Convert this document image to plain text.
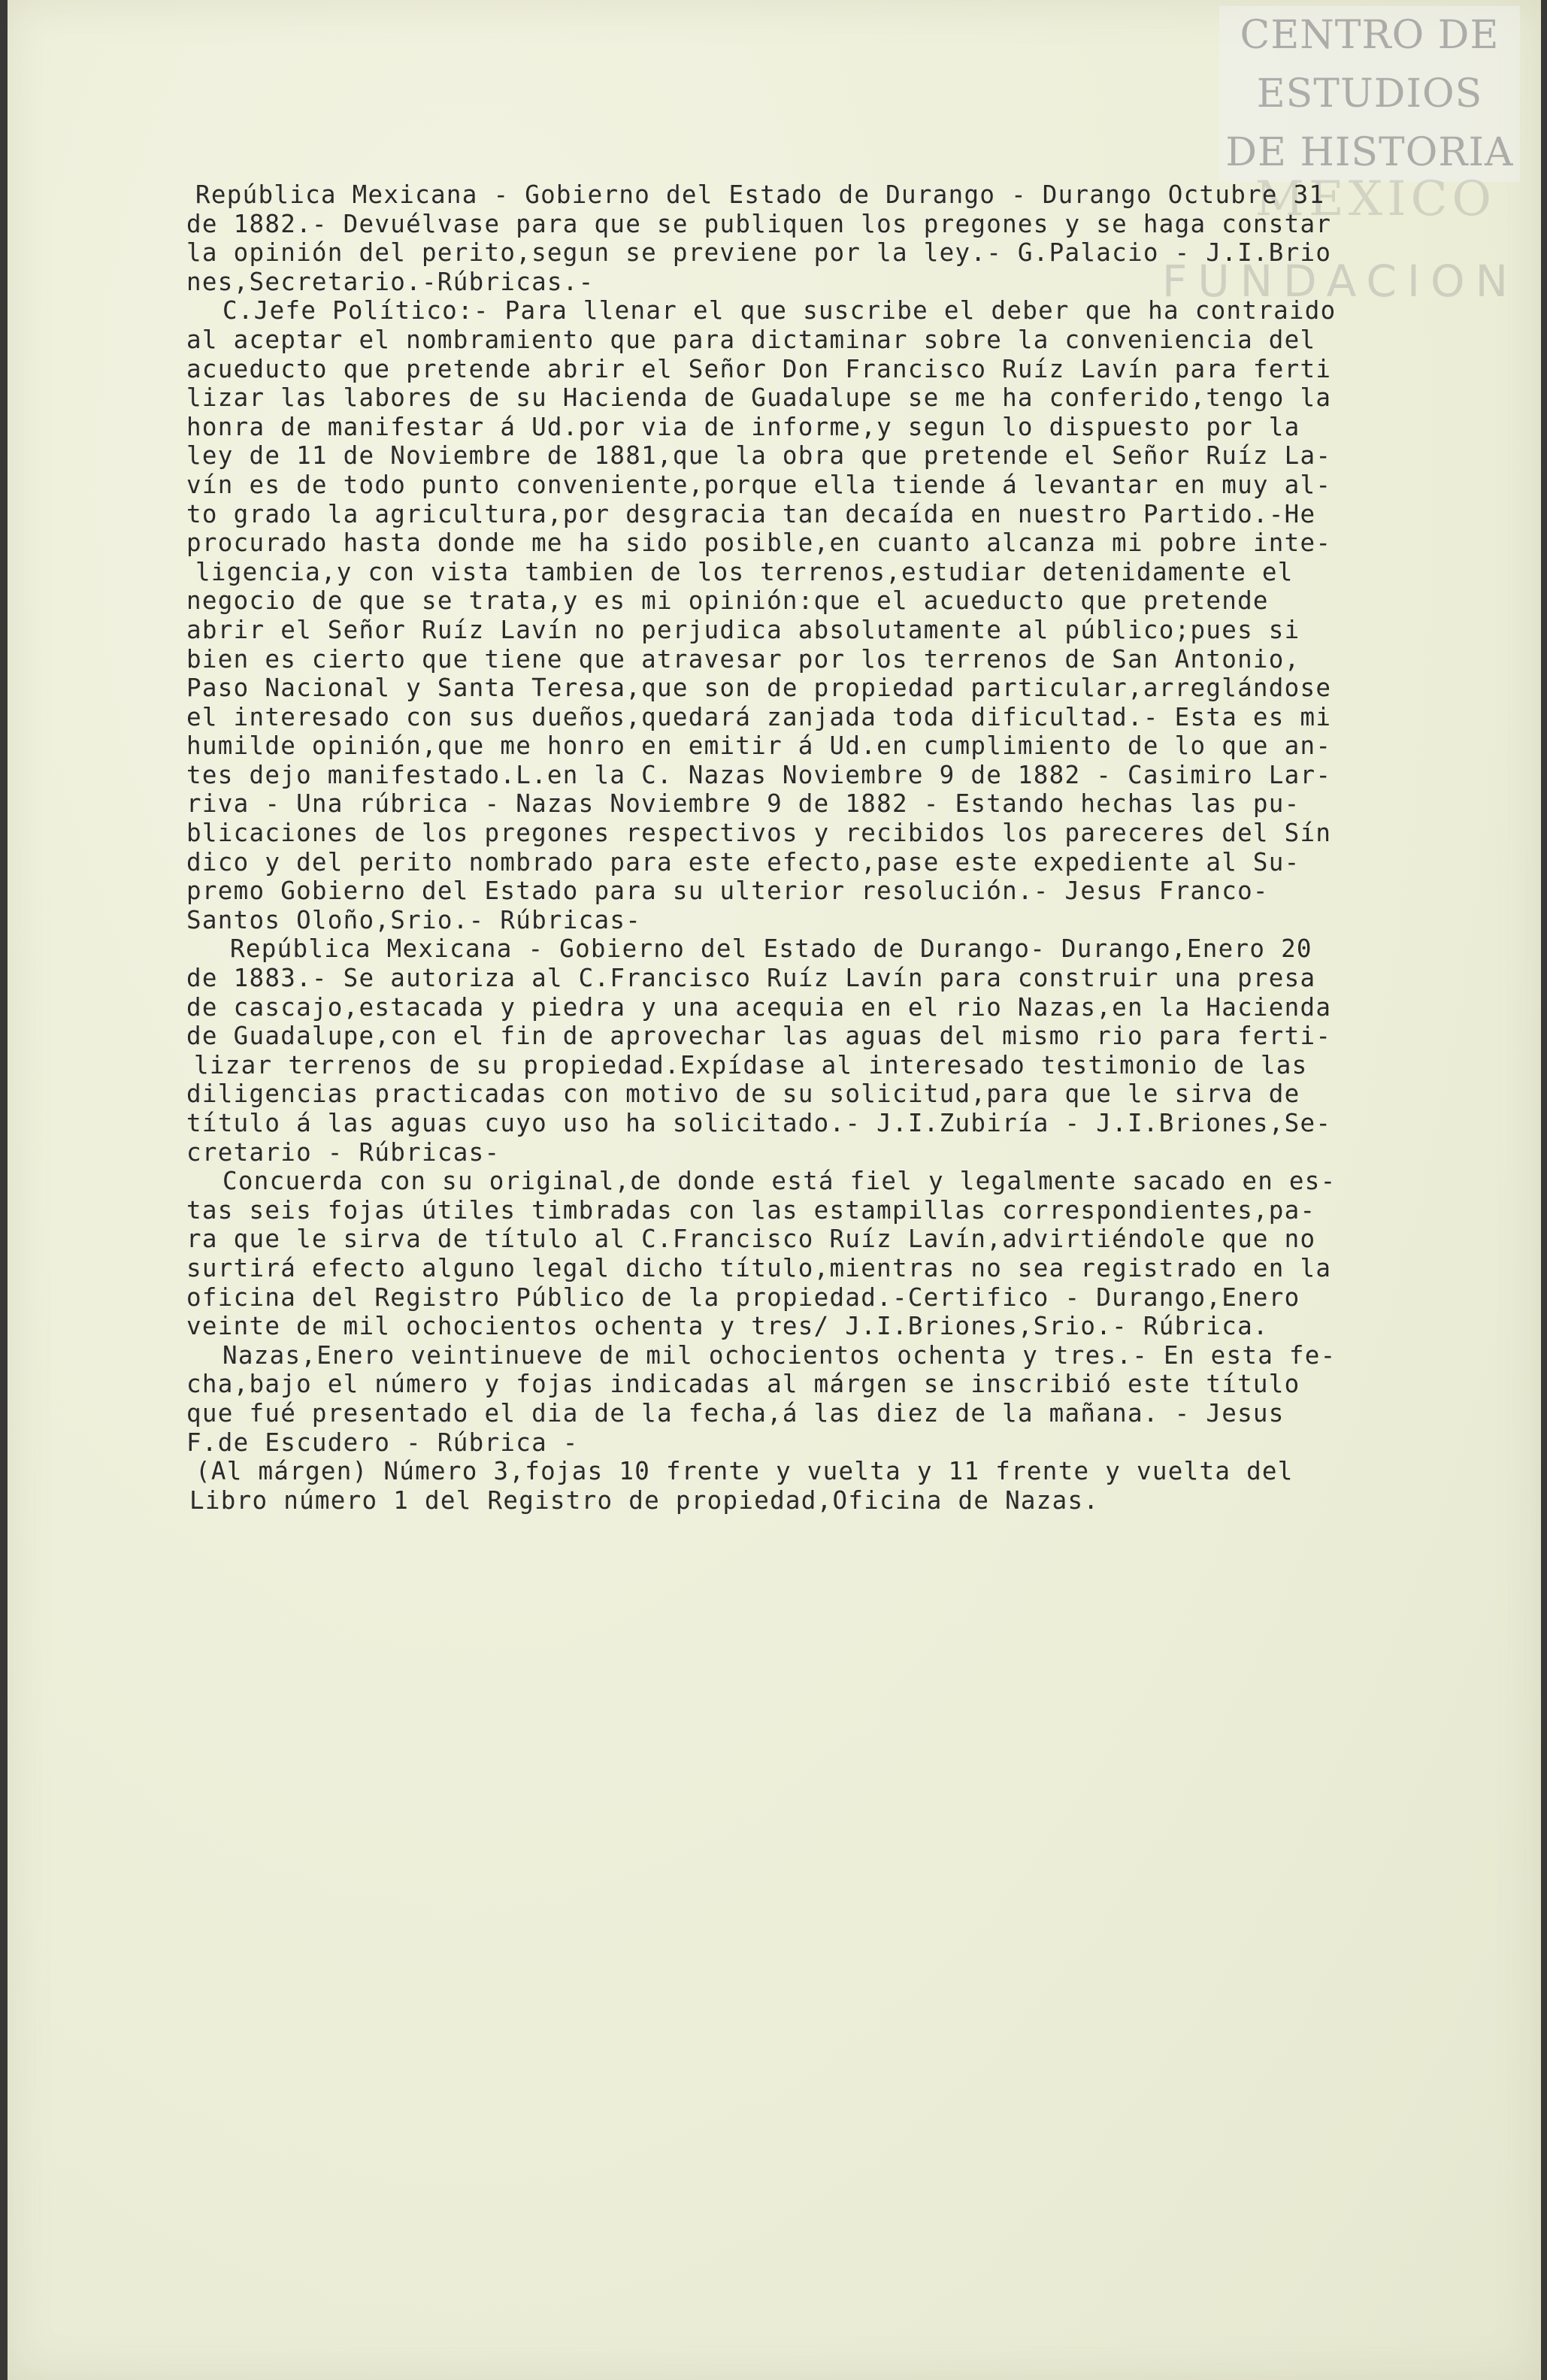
CENTRO DE
ESTUDIOS
DE HISTORIA
MEXICO
FUNDACION
República Mexicana - Gobierno del Estado de Durango - Durango Octubre 31
de 1882.- Devuélvase para que se publiquen los pregones y se haga constar
la opinión del perito,segun se previene por la ley.- G.Palacio - J.I.Brio
nes,Secretario.-Rúbricas.-
C.Jefe Político:- Para llenar el que suscribe el deber que ha contraido
al aceptar el nombramiento que para dictaminar sobre la conveniencia del
acueducto que pretende abrir el Señor Don Francisco Ruíz Lavín para ferti
lizar las labores de su Hacienda de Guadalupe se me ha conferido,tengo la
honra de manifestar á Ud.por via de informe,y segun lo dispuesto por la
ley de 11 de Noviembre de 1881,que la obra que pretende el Señor Ruíz La-
vín es de todo punto conveniente,porque ella tiende á levantar en muy al-
to grado la agricultura,por desgracia tan decaída en nuestro Partido.-He
procurado hasta donde me ha sido posible,en cuanto alcanza mi pobre inte-
ligencia,y con vista tambien de los terrenos,estudiar detenidamente el
negocio de que se trata,y es mi opinión:que el acueducto que pretende
abrir el Señor Ruíz Lavín no perjudica absolutamente al público;pues si
bien es cierto que tiene que atravesar por los terrenos de San Antonio,
Paso Nacional y Santa Teresa,que son de propiedad particular,arreglándose
el interesado con sus dueños,quedará zanjada toda dificultad.- Esta es mi
humilde opinión,que me honro en emitir á Ud.en cumplimiento de lo que an-
tes dejo manifestado.L.en la C. Nazas Noviembre 9 de 1882 - Casimiro Lar-
riva - Una rúbrica - Nazas Noviembre 9 de 1882 - Estando hechas las pu-
blicaciones de los pregones respectivos y recibidos los pareceres del Sín
dico y del perito nombrado para este efecto,pase este expediente al Su-
premo Gobierno del Estado para su ulterior resolución.- Jesus Franco-
Santos Oloño,Srio.- Rúbricas-
República Mexicana - Gobierno del Estado de Durango- Durango,Enero 20
de 1883.- Se autoriza al C.Francisco Ruíz Lavín para construir una presa
de cascajo,estacada y piedra y una acequia en el rio Nazas,en la Hacienda
de Guadalupe,con el fin de aprovechar las aguas del mismo rio para ferti-
lizar terrenos de su propiedad.Expídase al interesado testimonio de las
diligencias practicadas con motivo de su solicitud,para que le sirva de
título á las aguas cuyo uso ha solicitado.- J.I.Zubiría - J.I.Briones,Se-
cretario - Rúbricas-
Concuerda con su original,de donde está fiel y legalmente sacado en es-
tas seis fojas útiles timbradas con las estampillas correspondientes,pa-
ra que le sirva de título al C.Francisco Ruíz Lavín,advirtiéndole que no
surtirá efecto alguno legal dicho título,mientras no sea registrado en la
oficina del Registro Público de la propiedad.-Certifico - Durango,Enero
veinte de mil ochocientos ochenta y tres/ J.I.Briones,Srio.- Rúbrica.
Nazas,Enero veintinueve de mil ochocientos ochenta y tres.- En esta fe-
cha,bajo el número y fojas indicadas al márgen se inscribió este título
que fué presentado el dia de la fecha,á las diez de la mañana. - Jesus
F.de Escudero - Rúbrica -
(Al márgen) Número 3,fojas 10 frente y vuelta y 11 frente y vuelta del
Libro número 1 del Registro de propiedad,Oficina de Nazas.
